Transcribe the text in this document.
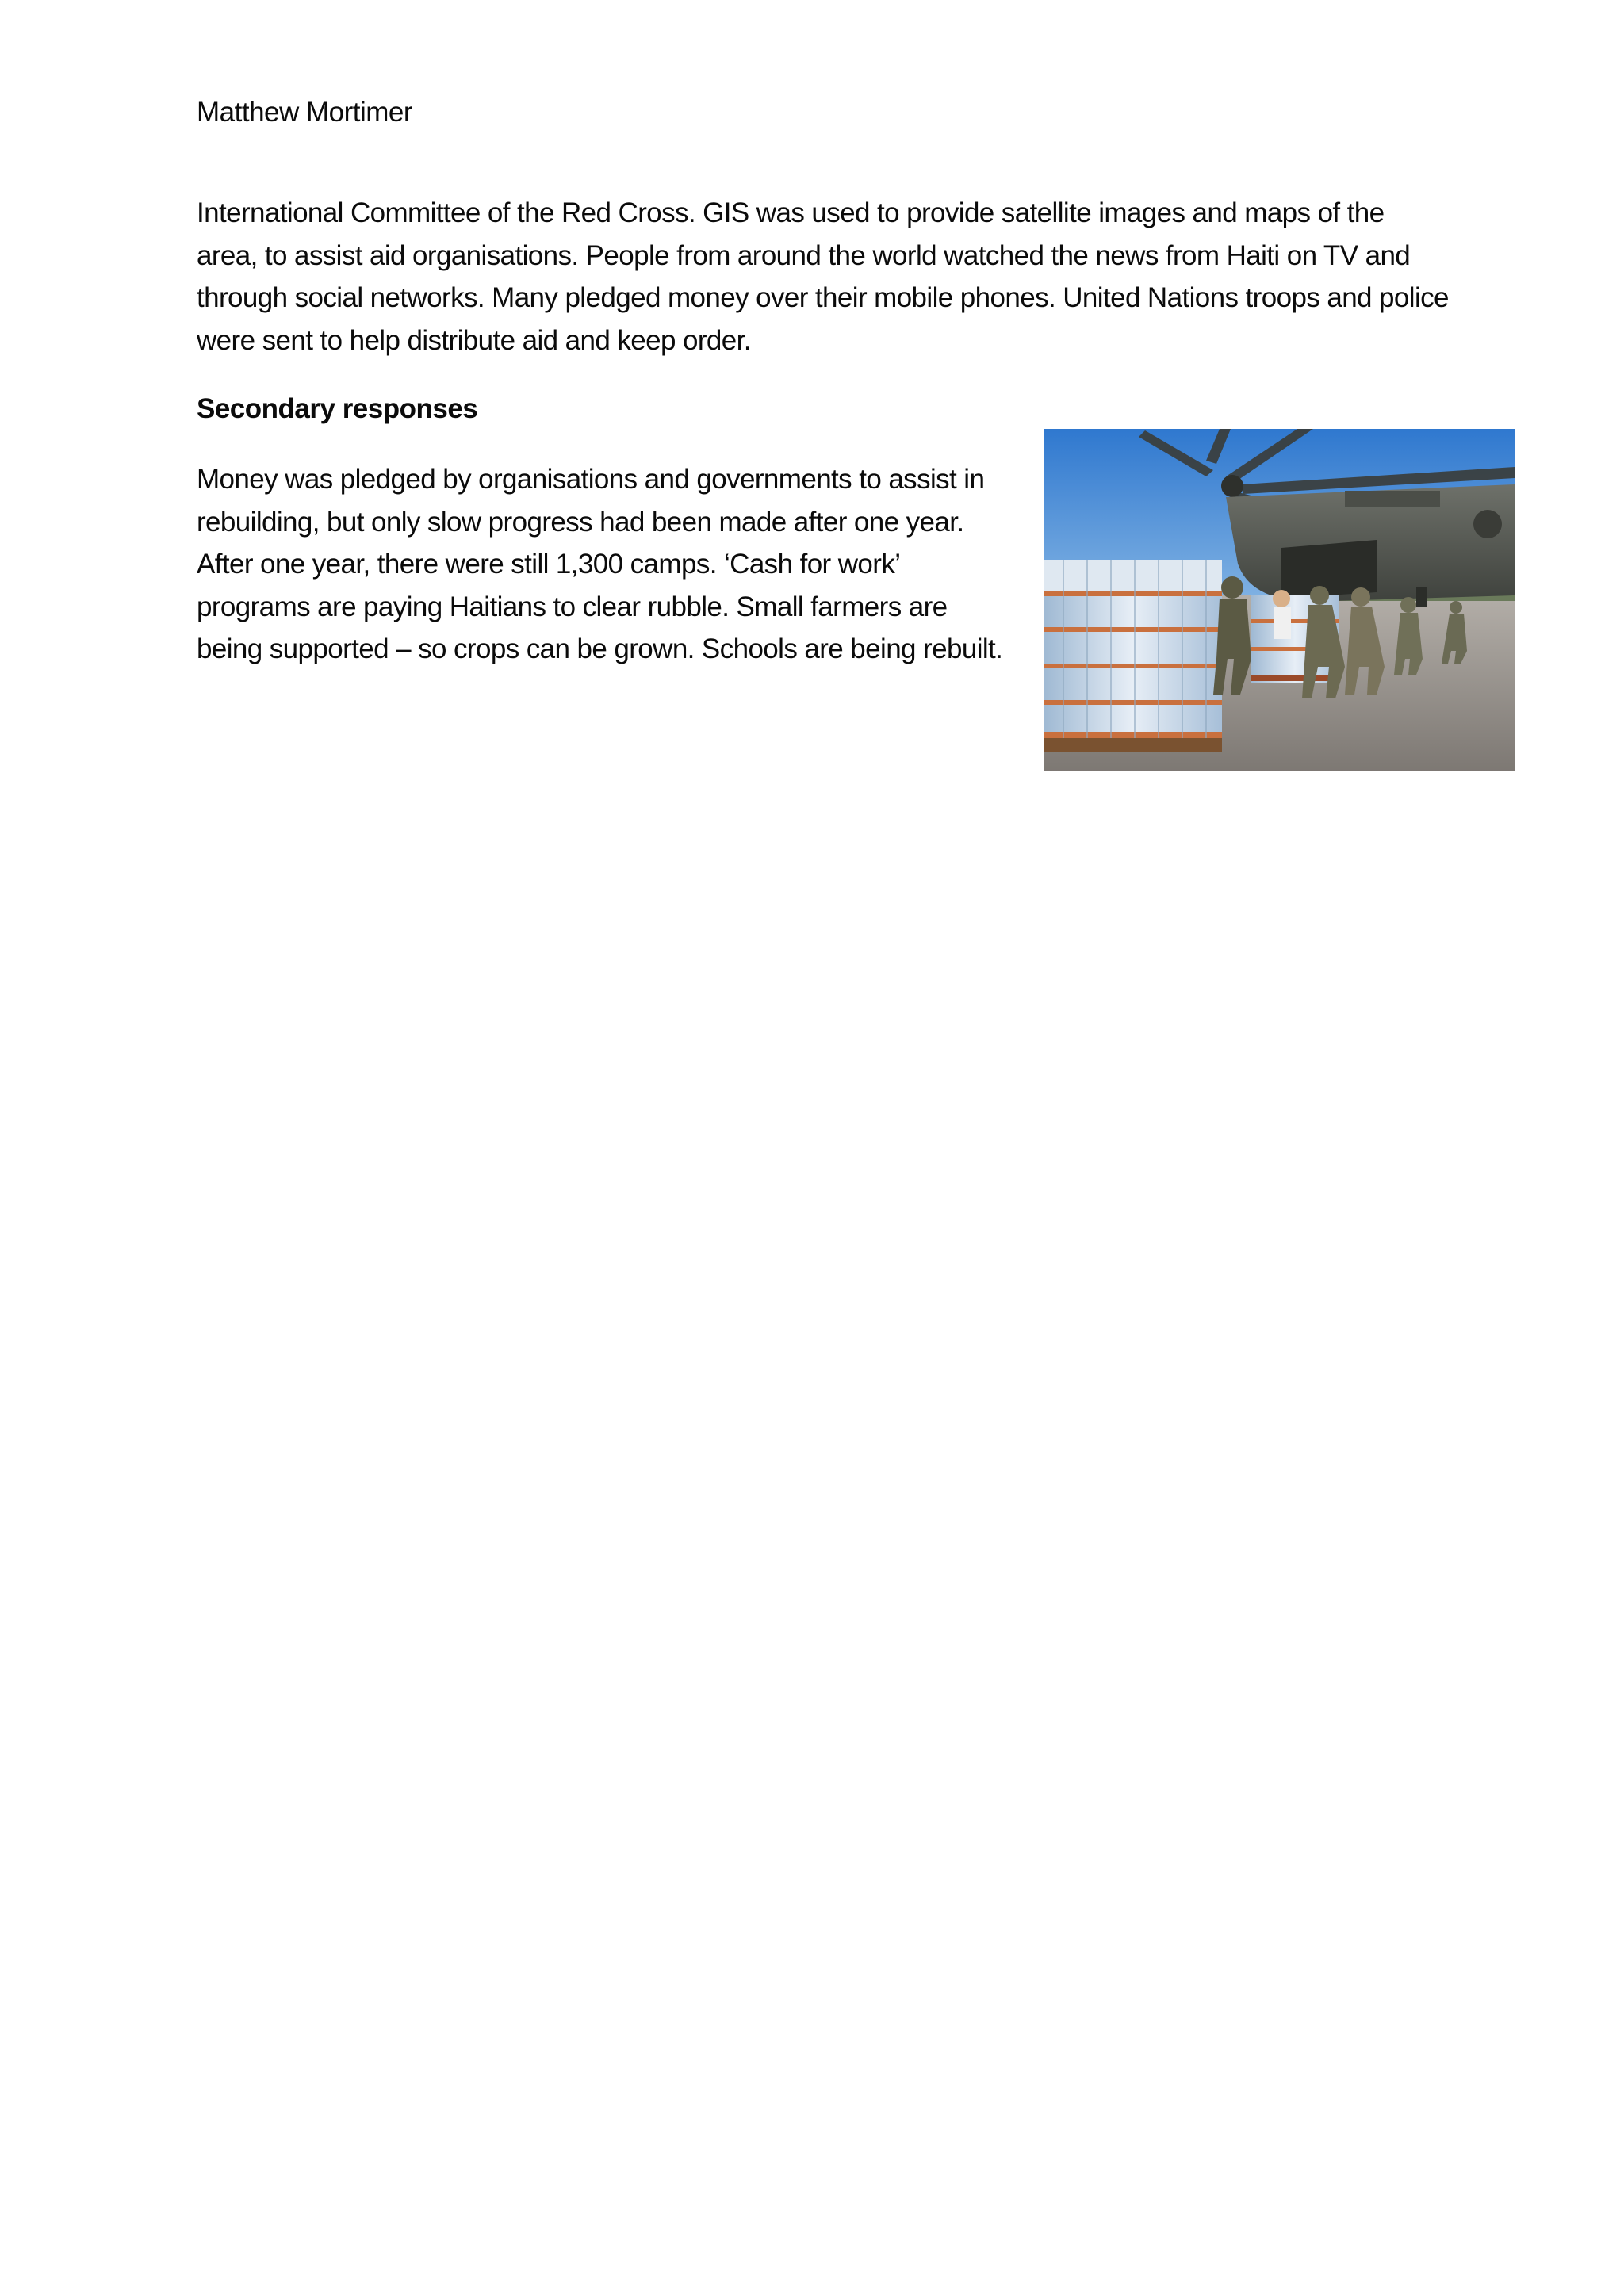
Matthew Mortimer

International Committee of the Red Cross. GIS was used to provide satellite images and maps of the area, to assist aid organisations. People from around the world watched the news from Haiti on TV and through social networks. Many pledged money over their mobile phones. United Nations troops and police were sent to help distribute aid and keep order.

Secondary responses

Money was pledged by organisations and governments to assist in rebuilding, but only slow progress had been made after one year. After one year, there were still 1,300 camps. ‘Cash for work’ programs are paying Haitians to clear rubble. Small farmers are being supported – so crops can be grown. Schools are being rebuilt.
